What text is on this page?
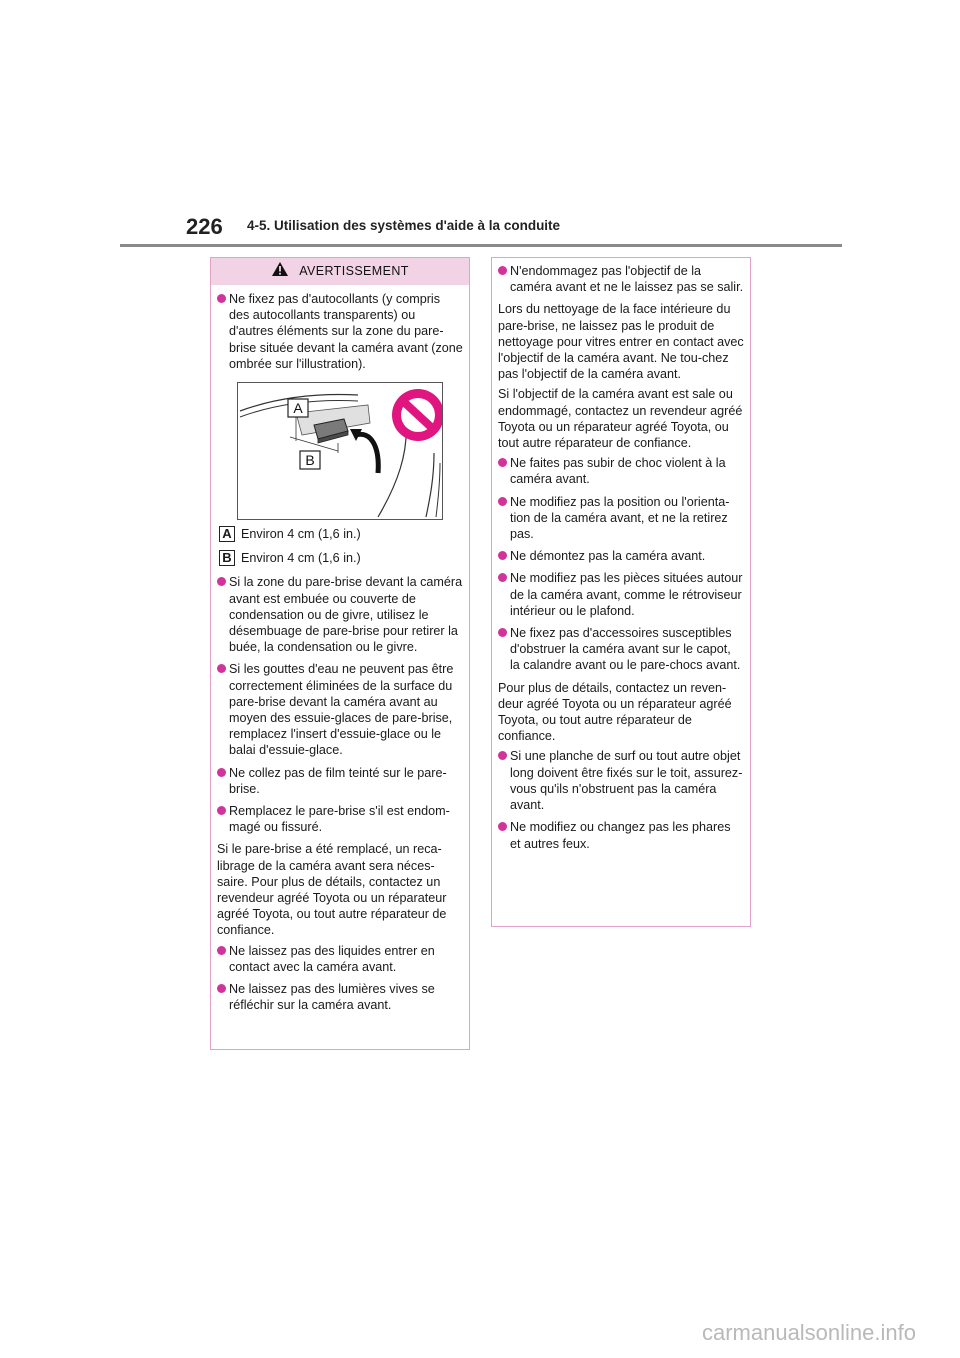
226 4-5. Utilisation des systèmes d'aide à la conduite
AVERTISSEMENT
Ne fixez pas d'autocollants (y compris des autocollants transparents) ou d'autres éléments sur la zone du pare-brise située devant la caméra avant (zone ombrée sur l'illustration).
A
B
A Environ 4 cm (1,6 in.)
B Environ 4 cm (1,6 in.)
Si la zone du pare-brise devant la caméra avant est embuée ou couverte de condensation ou de givre, utilisez le désembuage de pare-brise pour retirer la buée, la condensation ou le givre.
Si les gouttes d'eau ne peuvent pas être correctement éliminées de la surface du pare-brise devant la caméra avant au moyen des essuie-glaces de pare-brise, remplacez l'insert d'essuie-glace ou le balai d'essuie-glace.
Ne collez pas de film teinté sur le pare-brise.
Remplacez le pare-brise s'il est endom-magé ou fissuré.
Si le pare-brise a été remplacé, un reca-librage de la caméra avant sera néces-saire. Pour plus de détails, contactez un revendeur agréé Toyota ou un réparateur agréé Toyota, ou tout autre réparateur de confiance.
Ne laissez pas des liquides entrer en contact avec la caméra avant.
Ne laissez pas des lumières vives se réfléchir sur la caméra avant.
N'endommagez pas l'objectif de la caméra avant et ne le laissez pas se salir.
Lors du nettoyage de la face intérieure du pare-brise, ne laissez pas le produit de nettoyage pour vitres entrer en contact avec l'objectif de la caméra avant. Ne tou-chez pas l'objectif de la caméra avant.
Si l'objectif de la caméra avant est sale ou endommagé, contactez un revendeur agréé Toyota ou un réparateur agréé Toyota, ou tout autre réparateur de confiance.
Ne faites pas subir de choc violent à la caméra avant.
Ne modifiez pas la position ou l'orienta-tion de la caméra avant, et ne la retirez pas.
Ne démontez pas la caméra avant.
Ne modifiez pas les pièces situées autour de la caméra avant, comme le rétroviseur intérieur ou le plafond.
Ne fixez pas d'accessoires susceptibles d'obstruer la caméra avant sur le capot, la calandre avant ou le pare-chocs avant.
Pour plus de détails, contactez un reven-deur agréé Toyota ou un réparateur agréé Toyota, ou tout autre réparateur de confiance.
Si une planche de surf ou tout autre objet long doivent être fixés sur le toit, assurez-vous qu'ils n'obstruent pas la caméra avant.
Ne modifiez ou changez pas les phares et autres feux.
carmanualsonline.info
